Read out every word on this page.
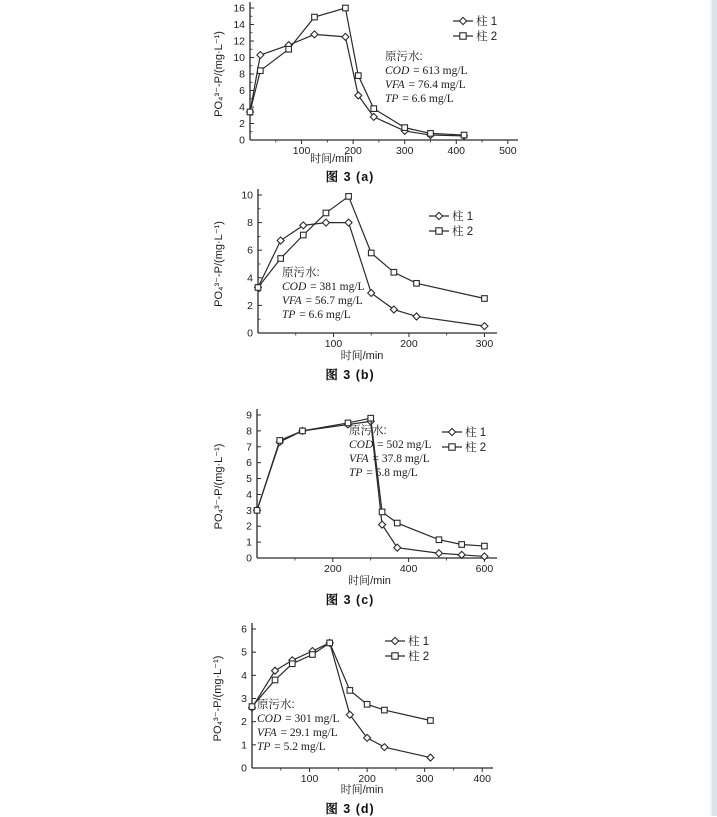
0
2
4
6
8
10
12
14
16
100	200	300	400	500
时间/min
PO₄³⁻-P/(mg·L⁻¹)	原污水:
COD = 613 mg/L
VFA = 76.4 mg/L
TP = 6.6 mg/L
柱 1
柱 2
图 3 (a)
0
2
4
6
8
10
100	200	300
时间/min
PO₄³⁻-P/(mg·L⁻¹)	原污水:
COD = 381 mg/L
VFA = 56.7 mg/L
TP = 6.6 mg/L
柱 1
柱 2
图 3 (b)
0
1
2
3
4
5
6
7
8
9
200	400	600
时间/min
PO₄³⁻-P/(mg·L⁻¹)
原污水:
COD = 502 mg/L
VFA = 37.8 mg/L
TP = 5.8 mg/L
柱 1
柱 2
图 3 (c)
0
1
2
3
4
5
6
100	200	300	400
时间/min
PO₄³⁻-P/(mg·L⁻¹)	原污水:
COD = 301 mg/L
VFA = 29.1 mg/L
TP = 5.2 mg/L
柱 1
柱 2
图 3 (d)
